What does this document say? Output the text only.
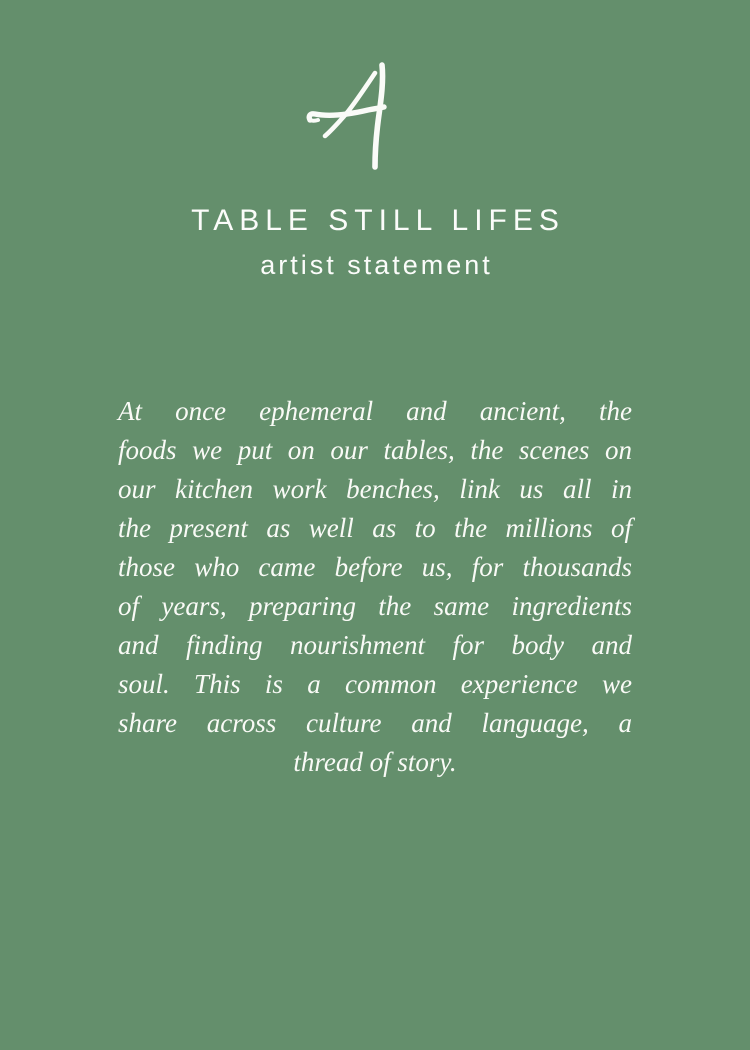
TABLE STILL LIFES
artist statement

At once ephemeral and ancient, the

foods we put on our tables, the scenes on

our kitchen work benches, link us all in

the present as well as to the millions of

those who came before us, for thousands

of years, preparing the same ingredients

and finding nourishment for body and

soul. This is a common experience we

share across culture and language, a

thread of story.
